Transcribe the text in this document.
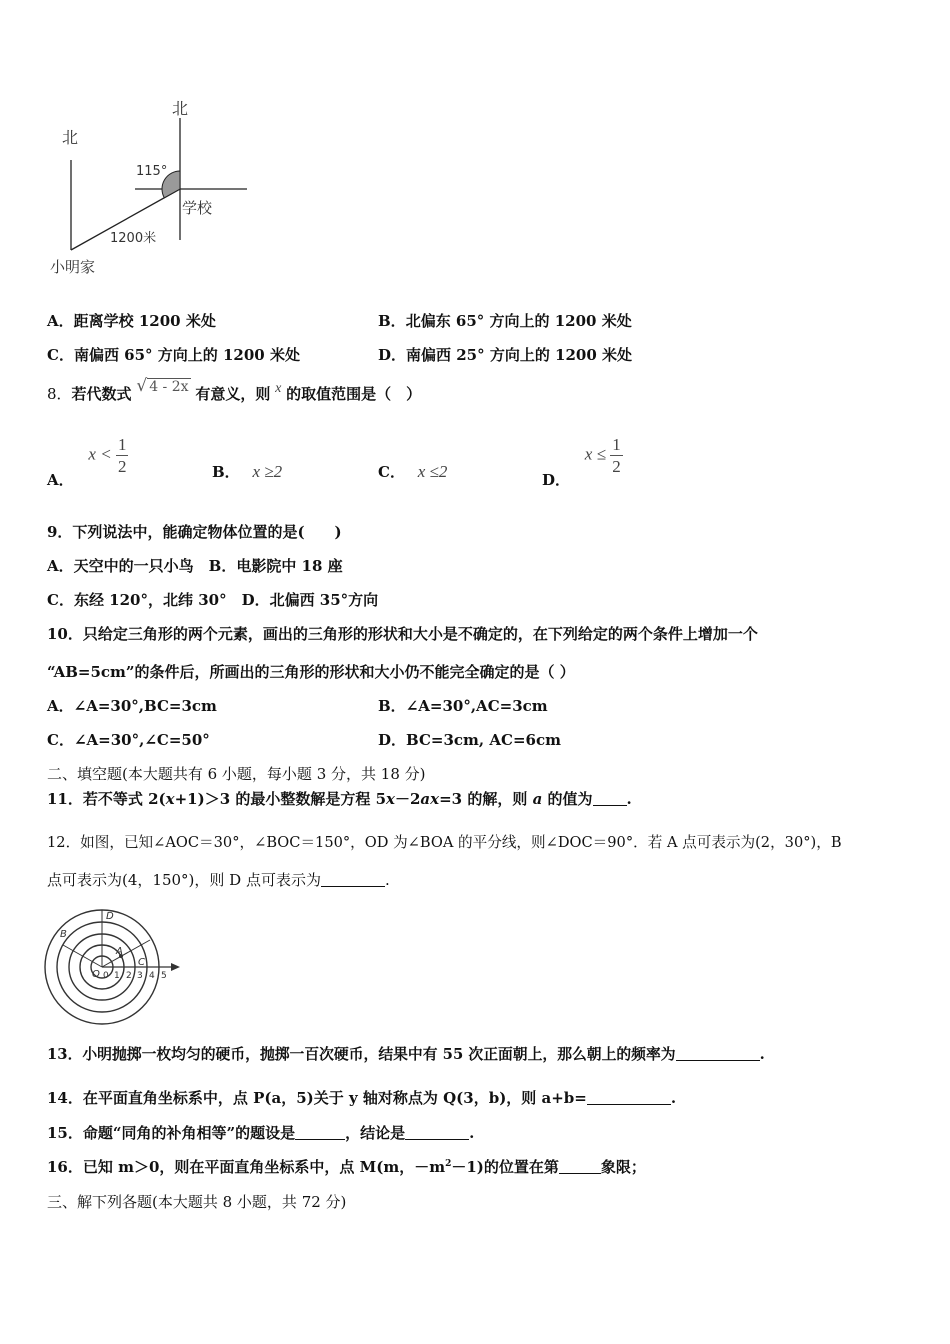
北
北
115°
学校
1200米
小明家
A．距离学校 1200 米处	B．北偏东 65° 方向上的 1200 米处
C．南偏西 65° 方向上的 1200 米处	D．南偏西 25° 方向上的 1200 米处
8．若代数式 √ 4 - 2x 有意义，则 x 的取值范围是（　）
A． $x < \frac{1}{2}$	B． x ≥2	C． x ≤2	D． $x \le \frac{1}{2}$
9．下列说法中，能确定物体位置的是(　　)
A．天空中的一只小鸟　B．电影院中 18 座
C．东经 120°，北纬 30°　D．北偏西 35°方向
10．只给定三角形的两个元素，画出的三角形的形状和大小是不确定的，在下列给定的两个条件上增加一个
“AB=5cm”的条件后，所画出的三角形的形状和大小仍不能完全确定的是（ ）
A．∠A=30°,BC=3cm	B．∠A=30°,AC=3cm
C．∠A=30°,∠C=50°	D．BC=3cm, AC=6cm
二、填空题(本大题共有 6 小题，每小题 3 分，共 18 分)
11．若不等式 2(x+1)＞3 的最小整数解是方程 5x－2ax=3 的解，则 a 的值为 .
12．如图，已知∠AOC＝30°，∠BOC＝150°，OD 为∠BOA 的平分线，则∠DOC＝90°．若 A 点可表示为(2，30°)，B
点可表示为(4，150°)，则 D 点可表示为	.
D
B
A
C
O 0 1 2 3 4 5
13．小明抛掷一枚均匀的硬币，抛掷一百次硬币，结果中有 55 次正面朝上，那么朝上的频率为	.
14．在平面直角坐标系中，点 P(a，5)关于 y 轴对称点为 Q(3，b)，则 a+b=	.
15．命题“同角的补角相等”的题设是	，结论是	.
16．已知 m＞0，则在平面直角坐标系中，点 M(m，$-m^2-1$)的位置在第	象限；
三、解下列各题(本大题共 8 小题，共 72 分)
